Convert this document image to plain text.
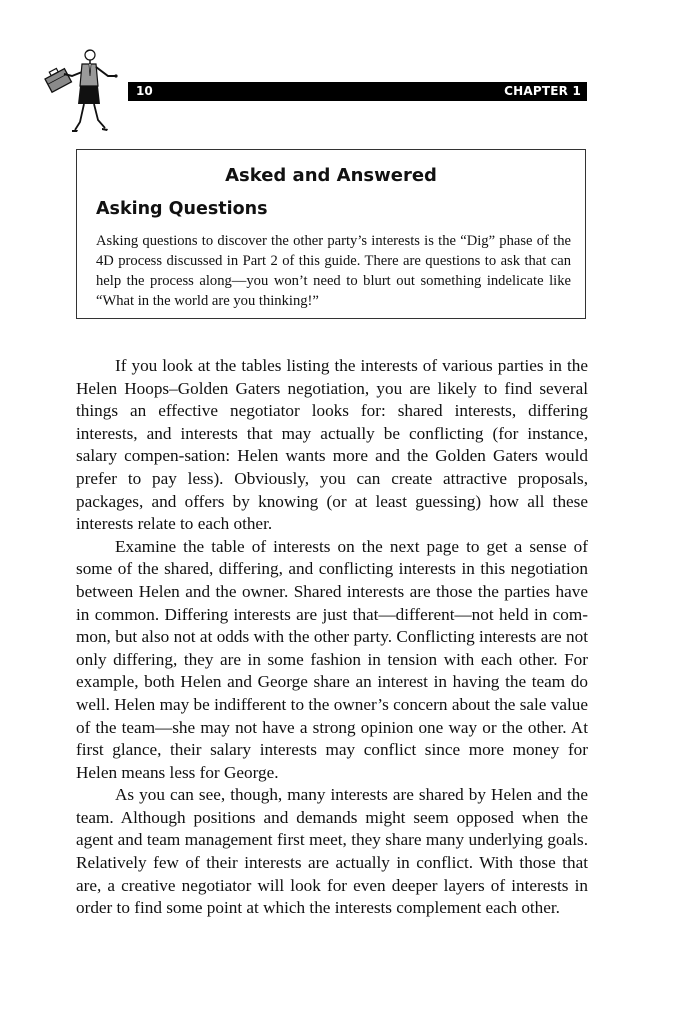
10	CHAPTER 1
Asked and Answered
Asking Questions
Asking questions to discover the other party’s interests is the “Dig” phase of the 4D process discussed in Part 2 of this guide. There are questions to ask that can help the process along—you won’t need to blurt out something indelicate like “What in the world are you thinking!”

If you look at the tables listing the interests of various parties in the Helen Hoops–Golden Gaters negotiation, you are likely to find several things an effective negotiator looks for: shared interests, differing interests, and interests that may actually be conflicting (for instance, salary compen-sation: Helen wants more and the Golden Gaters would prefer to pay less). Obviously, you can create attractive proposals, packages, and offers by knowing (or at least guessing) how all these interests relate to each other.

Examine the table of interests on the next page to get a sense of some of the shared, differing, and conflicting interests in this negotiation between Helen and the owner. Shared interests are those the parties have in common. Differing interests are just that—different—not held in com-mon, but also not at odds with the other party. Conflicting interests are not only differing, they are in some fashion in tension with each other. For example, both Helen and George share an interest in having the team do well. Helen may be indifferent to the owner’s concern about the sale value of the team—she may not have a strong opinion one way or the other. At first glance, their salary interests may conflict since more money for Helen means less for George.

As you can see, though, many interests are shared by Helen and the team. Although positions and demands might seem opposed when the agent and team management first meet, they share many underlying goals. Relatively few of their interests are actually in conflict. With those that are, a creative negotiator will look for even deeper layers of interests in order to find some point at which the interests complement each other.
